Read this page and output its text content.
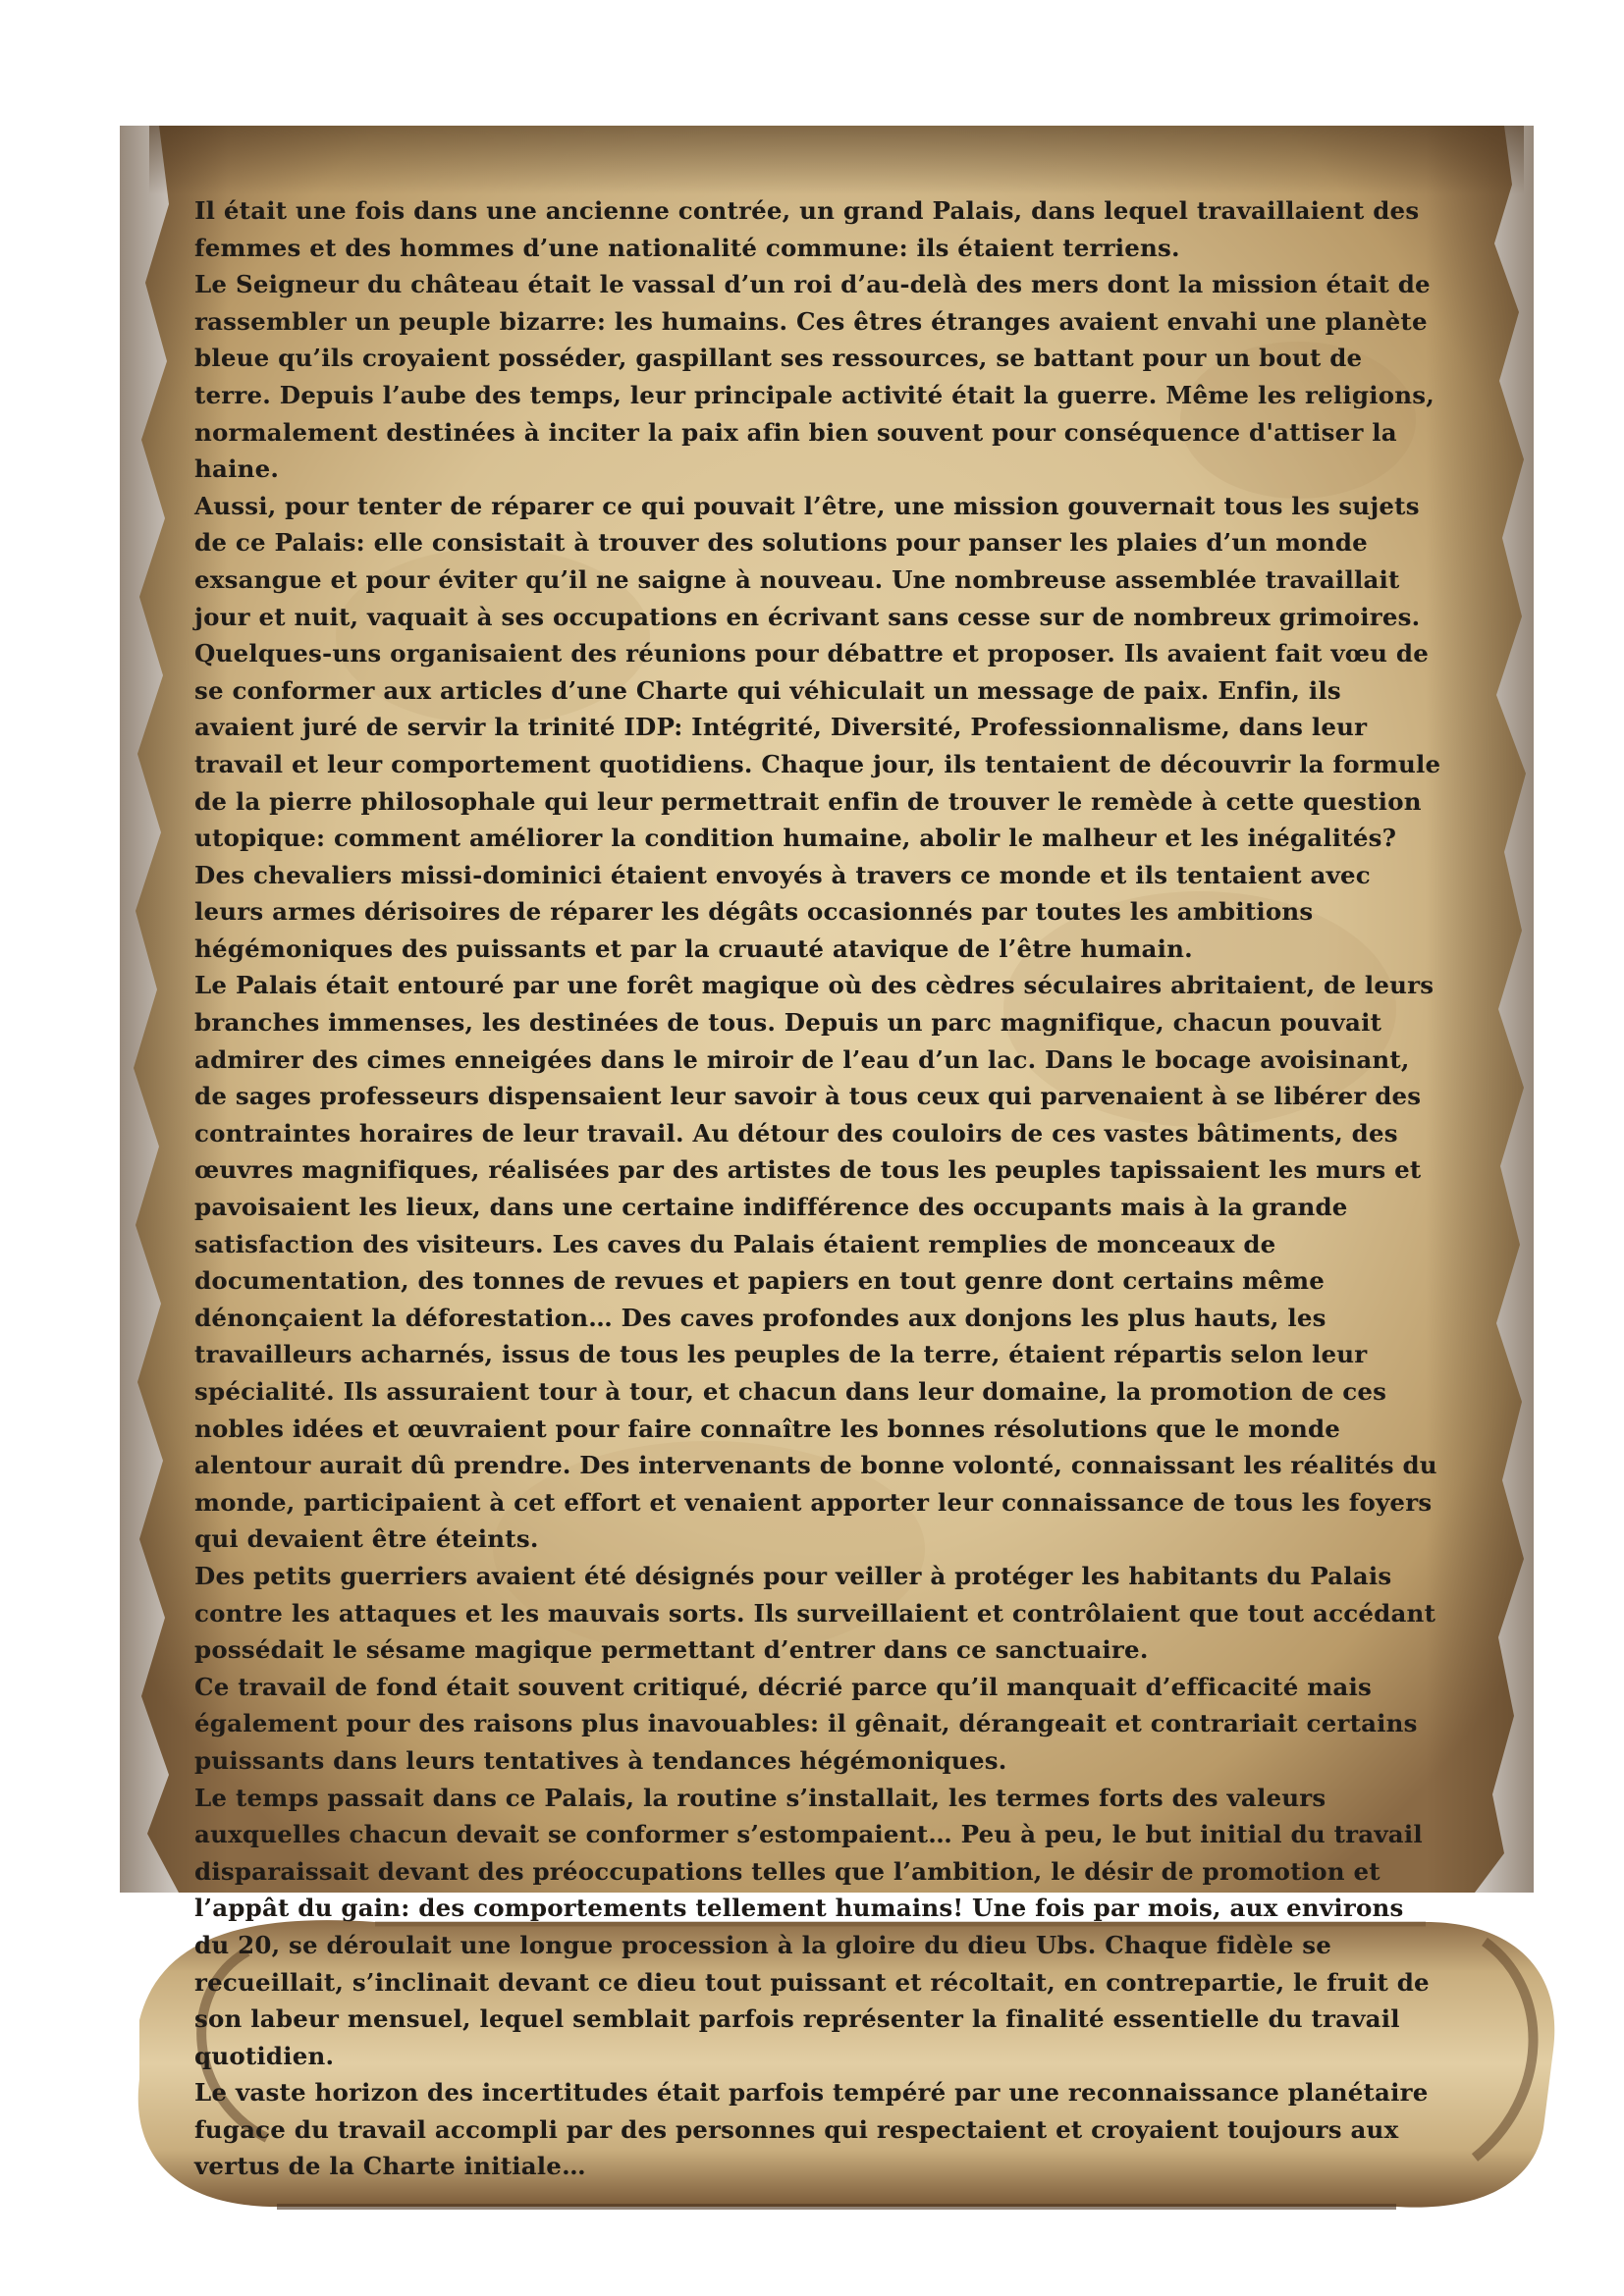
Il était une fois dans une ancienne contrée, un grand Palais, dans lequel travaillaient des femmes et des hommes d’une nationalité commune: ils étaient terriens.

Le Seigneur du château était le vassal d’un roi d’au-delà des mers dont la mission était de rassembler un peuple bizarre: les humains. Ces êtres étranges avaient envahi une planète bleue qu’ils croyaient posséder, gaspillant ses ressources, se battant pour un bout de terre. Depuis l’aube des temps, leur principale activité était la guerre. Même les religions, normalement destinées à inciter la paix afin bien souvent pour conséquence d'attiser la haine.

Aussi, pour tenter de réparer ce qui pouvait l’être, une mission gouvernait tous les sujets de ce Palais: elle consistait à trouver des solutions pour panser les plaies d’un monde exsangue et pour éviter qu’il ne saigne à nouveau. Une nombreuse assemblée travaillait jour et nuit, vaquait à ses occupations en écrivant sans cesse sur de nombreux grimoires. Quelques-uns organisaient des réunions pour débattre et proposer. Ils avaient fait vœu de se conformer aux articles d’une Charte qui véhiculait un message de paix. Enfin, ils avaient juré de servir la trinité IDP: Intégrité, Diversité, Professionnalisme, dans leur travail et leur comportement quotidiens. Chaque jour, ils tentaient de découvrir la formule de la pierre philosophale qui leur permettrait enfin de trouver le remède à cette question utopique: comment améliorer la condition humaine, abolir le malheur et les inégalités?

Des chevaliers missi-dominici étaient envoyés à travers ce monde et ils tentaient avec leurs armes dérisoires de réparer les dégâts occasionnés par toutes les ambitions hégémoniques des puissants et par la cruauté atavique de l’être humain.

Le Palais était entouré par une forêt magique où des cèdres séculaires abritaient, de leurs branches immenses, les destinées de tous. Depuis un parc magnifique, chacun pouvait admirer des cimes enneigées dans le miroir de l’eau d’un lac. Dans le bocage avoisinant, de sages professeurs dispensaient leur savoir à tous ceux qui parvenaient à se libérer des contraintes horaires de leur travail. Au détour des couloirs de ces vastes bâtiments, des œuvres magnifiques, réalisées par des artistes de tous les peuples tapissaient les murs et pavoisaient les lieux, dans une certaine indifférence des occupants mais à la grande satisfaction des visiteurs. Les caves du Palais étaient remplies de monceaux de documentation, des tonnes de revues et papiers en tout genre dont certains même dénonçaient la déforestation… Des caves profondes aux donjons les plus hauts, les travailleurs acharnés, issus de tous les peuples de la terre, étaient répartis selon leur spécialité. Ils assuraient tour à tour, et chacun dans leur domaine, la promotion de ces nobles idées et œuvraient pour faire connaître les bonnes résolutions que le monde alentour aurait dû prendre. Des intervenants de bonne volonté, connaissant les réalités du monde, participaient à cet effort et venaient apporter leur connaissance de tous les foyers qui devaient être éteints.

Des petits guerriers avaient été désignés pour veiller à protéger les habitants du Palais contre les attaques et les mauvais sorts. Ils surveillaient et contrôlaient que tout accédant possédait le sésame magique permettant d’entrer dans ce sanctuaire.

Ce travail de fond était souvent critiqué, décrié parce qu’il manquait d’efficacité mais également pour des raisons plus inavouables: il gênait, dérangeait et contrariait certains puissants dans leurs tentatives à tendances hégémoniques.

Le temps passait dans ce Palais, la routine s’installait, les termes forts des valeurs auxquelles chacun devait se conformer s’estompaient… Peu à peu, le but initial du travail disparaissait devant des préoccupations telles que l’ambition, le désir de promotion et l’appât du gain: des comportements tellement humains! Une fois par mois, aux environs du 20, se déroulait une longue procession à la gloire du dieu Ubs. Chaque fidèle se recueillait, s’inclinait devant ce dieu tout puissant et récoltait, en contrepartie, le fruit de son labeur mensuel, lequel semblait parfois représenter la finalité essentielle du travail quotidien.

Le vaste horizon des incertitudes était parfois tempéré par une reconnaissance planétaire fugace du travail accompli par des personnes qui respectaient et croyaient toujours aux vertus de la Charte initiale…
